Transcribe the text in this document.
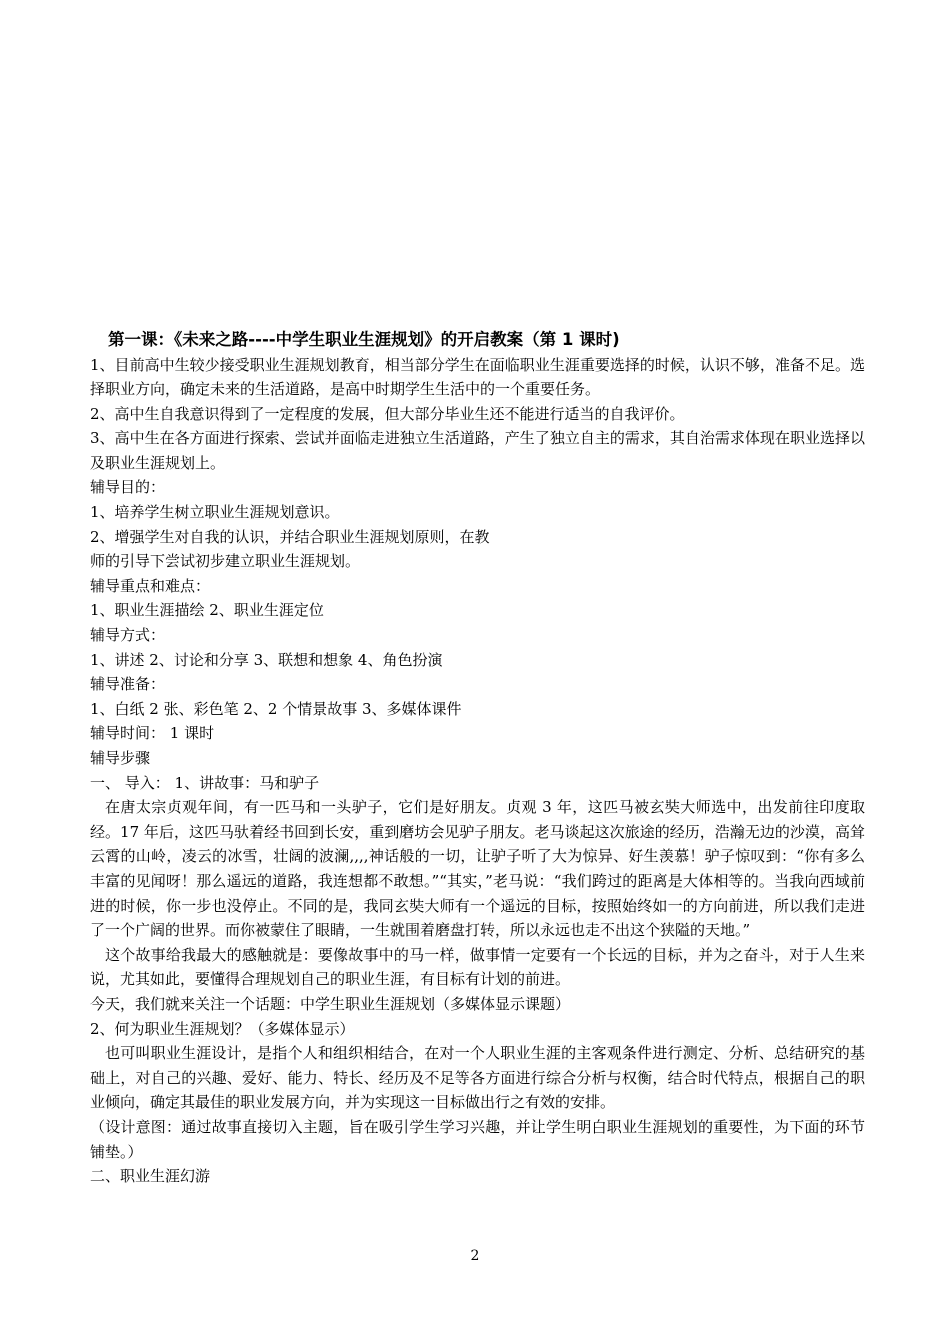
第一课：《未来之路----中学生职业生涯规划》的开启教案（第 1 课时)

1、目前高中生较少接受职业生涯规划教育，相当部分学生在面临职业生涯重要选择的时候，认识不够，准备不足。选择职业方向，确定未来的生活道路，是高中时期学生生活中的一个重要任务。

2、高中生自我意识得到了一定程度的发展，但大部分毕业生还不能进行适当的自我评价。

3、高中生在各方面进行探索、尝试并面临走进独立生活道路，产生了独立自主的需求，其自治需求体现在职业选择以及职业生涯规划上。

辅导目的：

1、培养学生树立职业生涯规划意识。

2、增强学生对自我的认识，并结合职业生涯规划原则，在教

师的引导下尝试初步建立职业生涯规划。

辅导重点和难点：

1、职业生涯描绘 2、职业生涯定位

辅导方式：

1、讲述 2、讨论和分享 3、联想和想象 4、角色扮演

辅导准备：

1、白纸 2 张、彩色笔 2、2 个情景故事 3、多媒体课件

辅导时间： 1 课时

辅导步骤

一、 导入： 1、讲故事：马和驴子

在唐太宗贞观年间，有一匹马和一头驴子，它们是好朋友。贞观 3 年，这匹马被玄奘大师选中，出发前往印度取经。17 年后，这匹马驮着经书回到长安，重到磨坊会见驴子朋友。老马谈起这次旅途的经历，浩瀚无边的沙漠，高耸云霄的山岭，凌云的冰雪，壮阔的波澜,,,,神话般的一切，让驴子听了大为惊异、好生羡慕！驴子惊叹到：“你有多么丰富的见闻呀！那么遥远的道路，我连想都不敢想。”“其实，”老马说：“我们跨过的距离是大体相等的。当我向西域前进的时候，你一步也没停止。不同的是，我同玄奘大师有一个遥远的目标，按照始终如一的方向前进，所以我们走进了一个广阔的世界。而你被蒙住了眼睛，一生就围着磨盘打转，所以永远也走不出这个狭隘的天地。”

这个故事给我最大的感触就是：要像故事中的马一样，做事情一定要有一个长远的目标，并为之奋斗，对于人生来说，尤其如此，要懂得合理规划自己的职业生涯，有目标有计划的前进。

今天，我们就来关注一个话题：中学生职业生涯规划（多媒体显示课题）

2、何为职业生涯规划？（多媒体显示）

也可叫职业生涯设计，是指个人和组织相结合，在对一个人职业生涯的主客观条件进行测定、分析、总结研究的基础上，对自己的兴趣、爱好、能力、特长、经历及不足等各方面进行综合分析与权衡，结合时代特点，根据自己的职业倾向，确定其最佳的职业发展方向，并为实现这一目标做出行之有效的安排。

（设计意图：通过故事直接切入主题，旨在吸引学生学习兴趣，并让学生明白职业生涯规划的重要性，为下面的环节铺垫。）

二、职业生涯幻游

2
